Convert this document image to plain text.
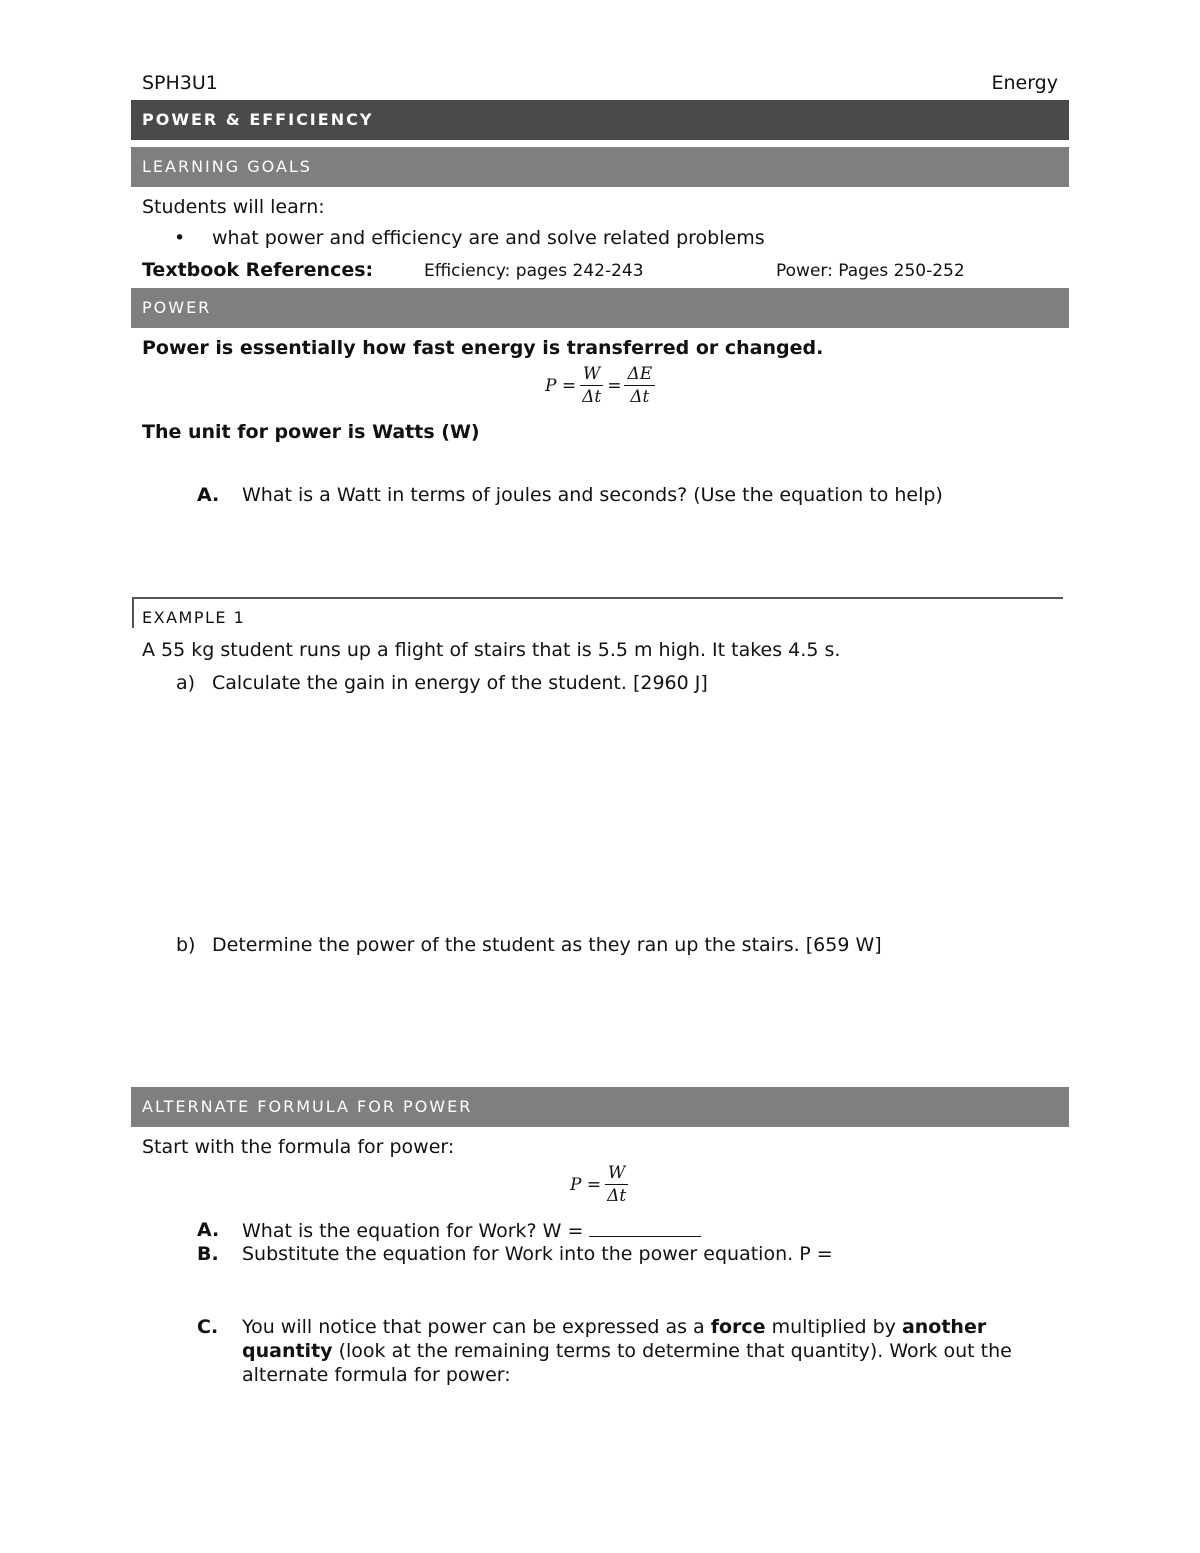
SPH3U1	Energy
POWER & EFFICIENCY
LEARNING GOALS
Students will learn:
• what power and efficiency are and solve related problems
Textbook References:	Efficiency: pages 242-243	Power: Pages 250-252
POWER
Power is essentially how fast energy is transferred or changed.
$P = \frac{W}{\Delta t} = \frac{\Delta E}{\Delta t}$
The unit for power is Watts (W)
A. What is a Watt in terms of joules and seconds? (Use the equation to help)
EXAMPLE 1
A 55 kg student runs up a flight of stairs that is 5.5 m high. It takes 4.5 s.
a) Calculate the gain in energy of the student. [2960 J]
b) Determine the power of the student as they ran up the stairs. [659 W]
ALTERNATE FORMULA FOR POWER
Start with the formula for power:
$P = \frac{W}{\Delta t}$
A. What is the equation for Work? W =
B. Substitute the equation for Work into the power equation. P =
C. You will notice that power can be expressed as a force multiplied by another quantity (look at the remaining terms to determine that quantity). Work out the alternate formula for power:
